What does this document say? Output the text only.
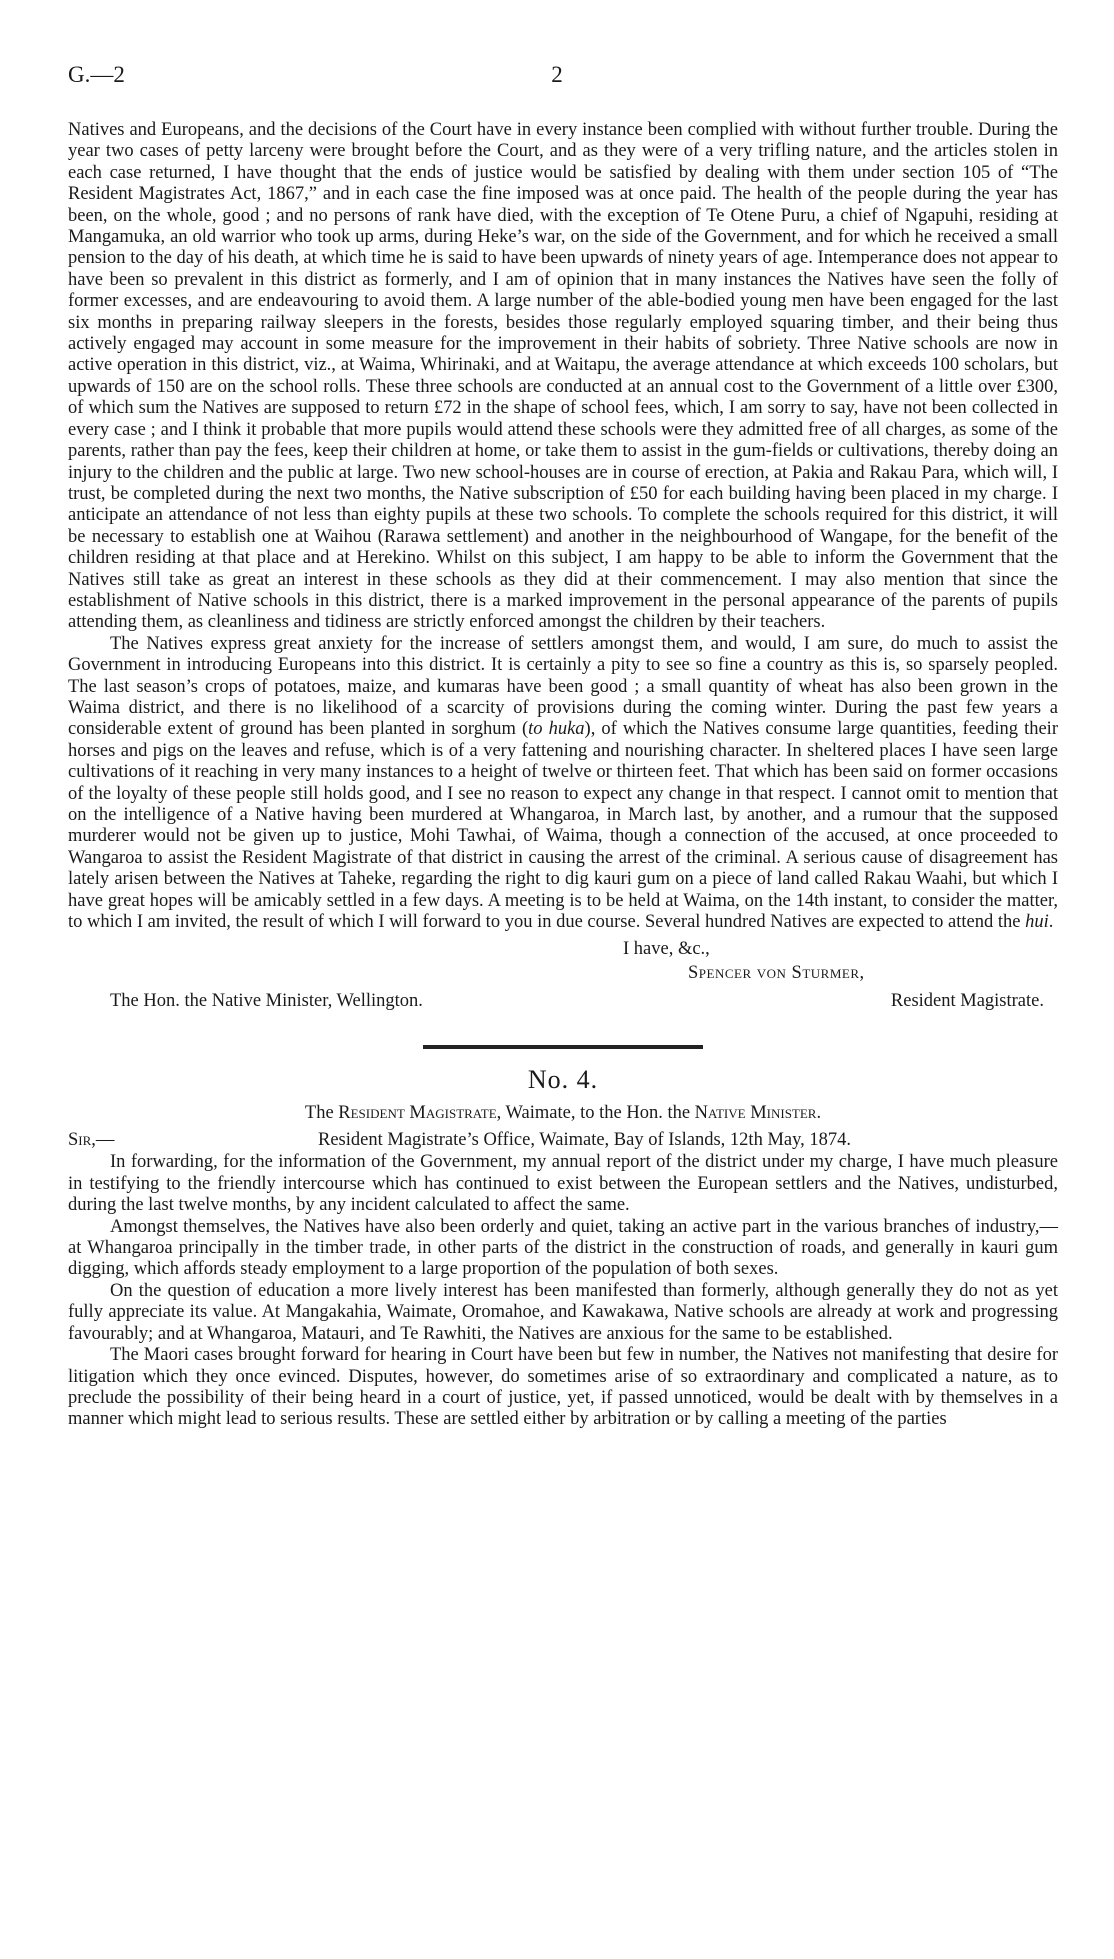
G.—2	2

Natives and Europeans, and the decisions of the Court have in every instance been complied with without further trouble. During the year two cases of petty larceny were brought before the Court, and as they were of a very trifling nature, and the articles stolen in each case returned, I have thought that the ends of justice would be satisfied by dealing with them under section 105 of “The Resident Magistrates Act, 1867,” and in each case the fine imposed was at once paid. The health of the people during the year has been, on the whole, good ; and no persons of rank have died, with the exception of Te Otene Puru, a chief of Ngapuhi, residing at Mangamuka, an old warrior who took up arms, during Heke’s war, on the side of the Government, and for which he received a small pension to the day of his death, at which time he is said to have been upwards of ninety years of age. Intemperance does not appear to have been so prevalent in this district as formerly, and I am of opinion that in many instances the Natives have seen the folly of former excesses, and are endeavouring to avoid them. A large number of the able-bodied young men have been engaged for the last six months in preparing railway sleepers in the forests, besides those regularly employed squaring timber, and their being thus actively engaged may account in some measure for the improvement in their habits of sobriety. Three Native schools are now in active operation in this district, viz., at Waima, Whirinaki, and at Waitapu, the average attendance at which exceeds 100 scholars, but upwards of 150 are on the school rolls. These three schools are conducted at an annual cost to the Government of a little over £300, of which sum the Natives are supposed to return £72 in the shape of school fees, which, I am sorry to say, have not been collected in every case ; and I think it probable that more pupils would attend these schools were they admitted free of all charges, as some of the parents, rather than pay the fees, keep their children at home, or take them to assist in the gum-fields or cultivations, thereby doing an injury to the children and the public at large. Two new school-houses are in course of erection, at Pakia and Rakau Para, which will, I trust, be completed during the next two months, the Native subscription of £50 for each building having been placed in my charge. I anticipate an attendance of not less than eighty pupils at these two schools. To complete the schools required for this district, it will be necessary to establish one at Waihou (Rarawa settlement) and another in the neighbourhood of Wangape, for the benefit of the children residing at that place and at Herekino. Whilst on this subject, I am happy to be able to inform the Government that the Natives still take as great an interest in these schools as they did at their commencement. I may also mention that since the establishment of Native schools in this district, there is a marked improvement in the personal appearance of the parents of pupils attending them, as cleanliness and tidiness are strictly enforced amongst the children by their teachers.

The Natives express great anxiety for the increase of settlers amongst them, and would, I am sure, do much to assist the Government in introducing Europeans into this district. It is certainly a pity to see so fine a country as this is, so sparsely peopled. The last season’s crops of potatoes, maize, and kumaras have been good ; a small quantity of wheat has also been grown in the Waima district, and there is no likelihood of a scarcity of provisions during the coming winter. During the past few years a considerable extent of ground has been planted in sorghum (to huka), of which the Natives consume large quantities, feeding their horses and pigs on the leaves and refuse, which is of a very fattening and nourishing character. In sheltered places I have seen large cultivations of it reaching in very many instances to a height of twelve or thirteen feet. That which has been said on former occasions of the loyalty of these people still holds good, and I see no reason to expect any change in that respect. I cannot omit to mention that on the intelligence of a Native having been murdered at Whangaroa, in March last, by another, and a rumour that the supposed murderer would not be given up to justice, Mohi Tawhai, of Waima, though a connection of the accused, at once proceeded to Wangaroa to assist the Resident Magistrate of that district in causing the arrest of the criminal. A serious cause of disagreement has lately arisen between the Natives at Taheke, regarding the right to dig kauri gum on a piece of land called Rakau Waahi, but which I have great hopes will be amicably settled in a few days. A meeting is to be held at Waima, on the 14th instant, to consider the matter, to which I am invited, the result of which I will forward to you in due course. Several hundred Natives are expected to attend the hui.

I have, &c.,
Spencer von Sturmer,
The Hon. the Native Minister, Wellington.	Resident Magistrate.
No. 4.
The Resident Magistrate, Waimate, to the Hon. the Native Minister.
Sir,—	Resident Magistrate’s Office, Waimate, Bay of Islands, 12th May, 1874.

In forwarding, for the information of the Government, my annual report of the district under my charge, I have much pleasure in testifying to the friendly intercourse which has continued to exist between the European settlers and the Natives, undisturbed, during the last twelve months, by any incident calculated to affect the same.

Amongst themselves, the Natives have also been orderly and quiet, taking an active part in the various branches of industry,—at Whangaroa principally in the timber trade, in other parts of the district in the construction of roads, and generally in kauri gum digging, which affords steady employment to a large proportion of the population of both sexes.

On the question of education a more lively interest has been manifested than formerly, although generally they do not as yet fully appreciate its value. At Mangakahia, Waimate, Oromahoe, and Kawakawa, Native schools are already at work and progressing favourably; and at Whangaroa, Matauri, and Te Rawhiti, the Natives are anxious for the same to be established.

The Maori cases brought forward for hearing in Court have been but few in number, the Natives not manifesting that desire for litigation which they once evinced. Disputes, however, do sometimes arise of so extraordinary and complicated a nature, as to preclude the possibility of their being heard in a court of justice, yet, if passed unnoticed, would be dealt with by themselves in a manner which might lead to serious results. These are settled either by arbitration or by calling a meeting of the parties
